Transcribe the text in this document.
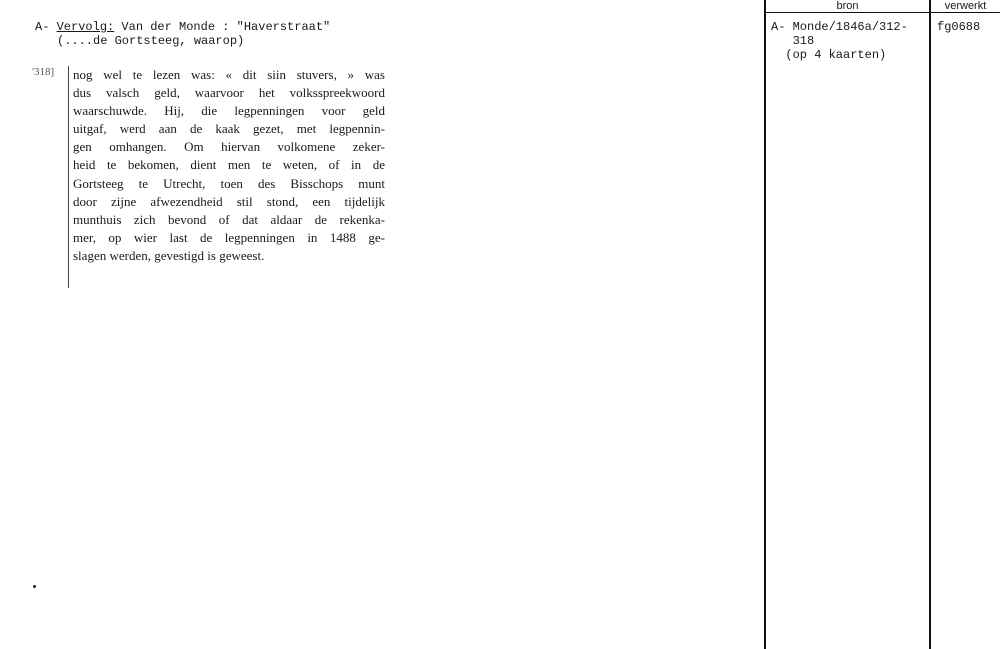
A- Vervolg: Van der Monde : "Haverstraat"
(....de Gortsteeg, waarop)
'318] nog wel te lezen was: « dit siin stuvers, » was
dus valsch geld, waarvoor het volksspreekwoord
waarschuwde. Hij, die legpenningen voor geld
uitgaf, werd aan de kaak gezet, met legpennin-
gen omhangen. Om hiervan volkomene zeker-
heid te bekomen, dient men te weten, of in de
Gortsteeg te Utrecht, toen des Bisschops munt
door zijne afwezendheid stil stond, een tijdelijk
munthuis zich bevond of dat aldaar de rekenka-
mer, op wier last de legpenningen in 1488 ge-
slagen werden, gevestigd is geweest.
bron	verwerkt
A- Monde/1846a/312-
318
(op 4 kaarten)
fg0688
